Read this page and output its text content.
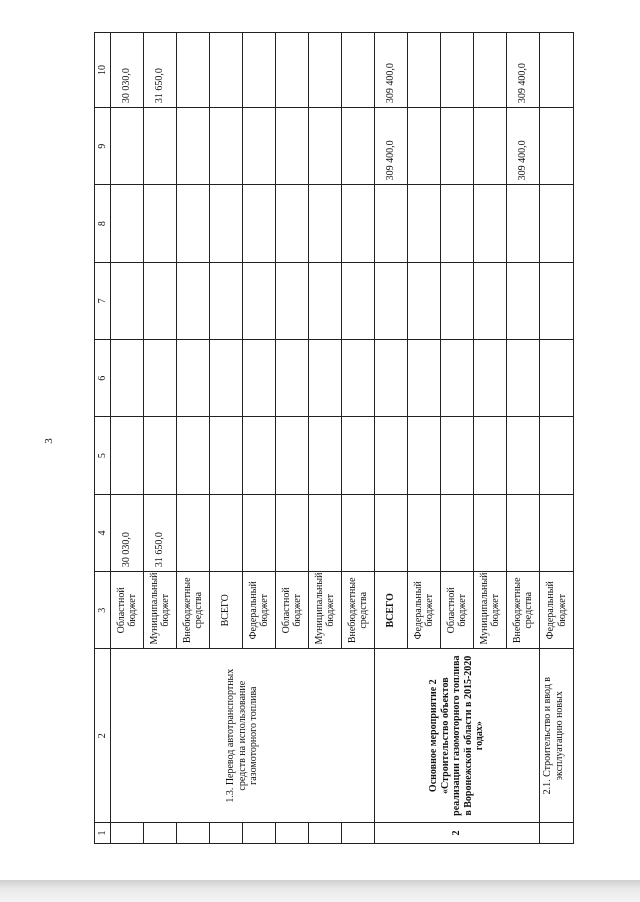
3
1	2	3	4	5	6	7	8	9	10
	1.3. Перевод автотранспортных средств на использование газомоторного топлива	Областной бюджет	30 030,0						30 030,0
		Муниципальный бюджет	31 650,0						31 650,0
		Внебюджетные средства							
		ВСЕГО							
		Федеральный бюджет							
		Областной бюджет							
		Муниципальный бюджет							
		Внебюджетные средства							
2	Основное мероприятие 2 «Строительство объектов реализации газомоторного топлива в Воронежской области в 2015-2020 годах»	ВСЕГО						309 400,0	309 400,0
		Федеральный бюджет							
		Областной бюджет							
		Муниципальный бюджет							
		Внебюджетные средства						309 400,0	309 400,0
	2.1. Строительство и ввод в эксплуатацию новых	Федеральный бюджет							
